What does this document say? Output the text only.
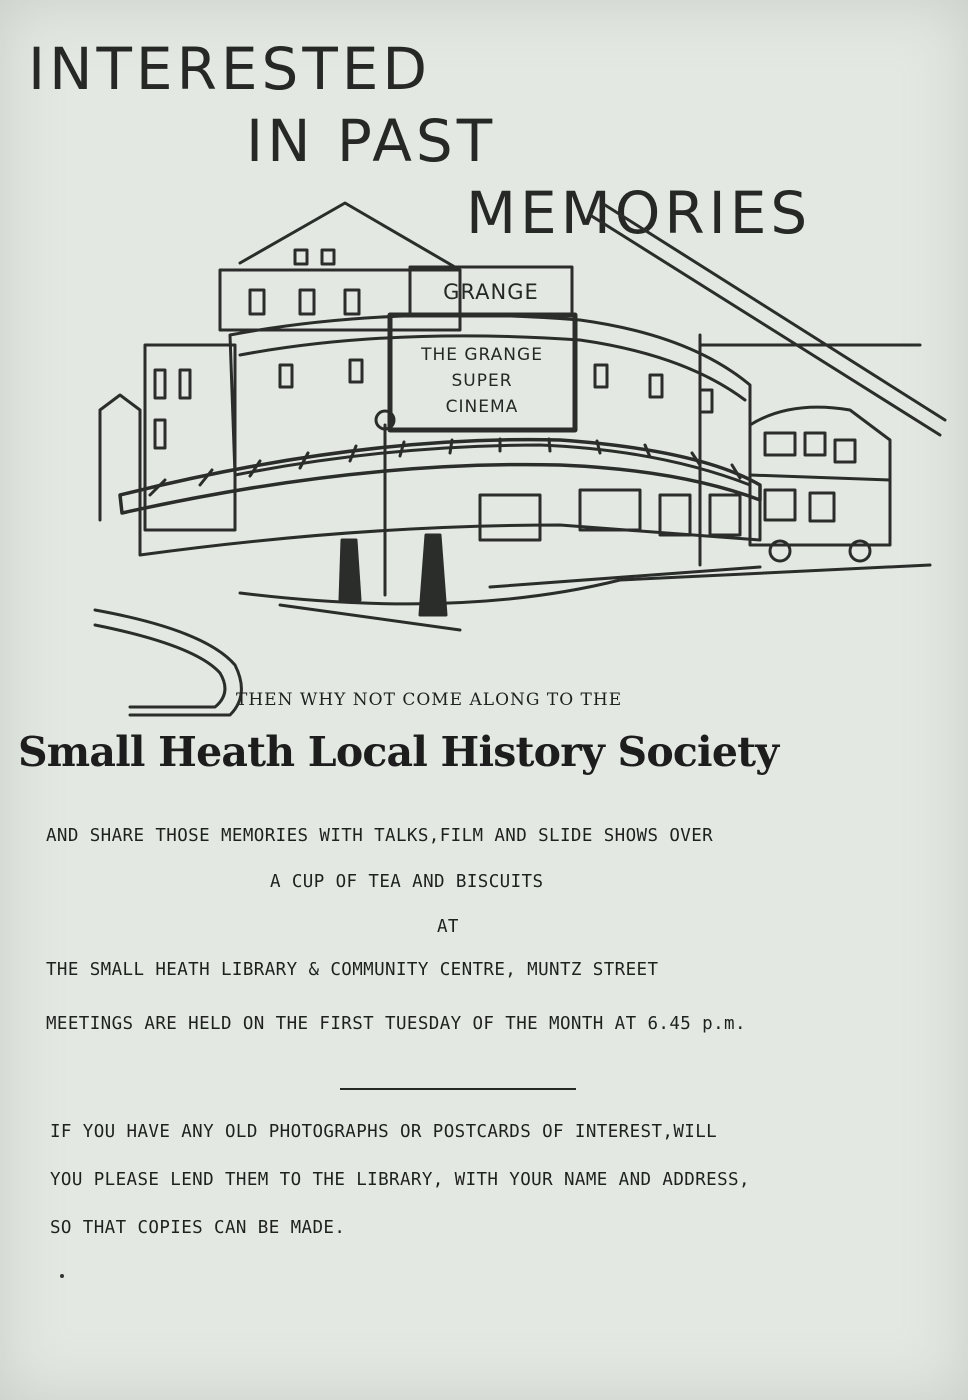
INTERESTED
IN PAST
MEMORIES
GRANGE
THE GRANGE
SUPER
CINEMA
THEN WHY NOT COME ALONG TO THE
Small Heath Local History Society
AND SHARE THOSE MEMORIES WITH TALKS,FILM AND SLIDE SHOWS OVER
A CUP OF TEA AND BISCUITS
AT
THE SMALL HEATH LIBRARY & COMMUNITY CENTRE, MUNTZ STREET
MEETINGS ARE HELD ON THE FIRST TUESDAY OF THE MONTH AT 6.45 p.m.
IF YOU HAVE ANY OLD PHOTOGRAPHS OR POSTCARDS OF INTEREST,WILL
YOU PLEASE LEND THEM TO THE LIBRARY, WITH YOUR NAME AND ADDRESS,
SO THAT COPIES CAN BE MADE.
